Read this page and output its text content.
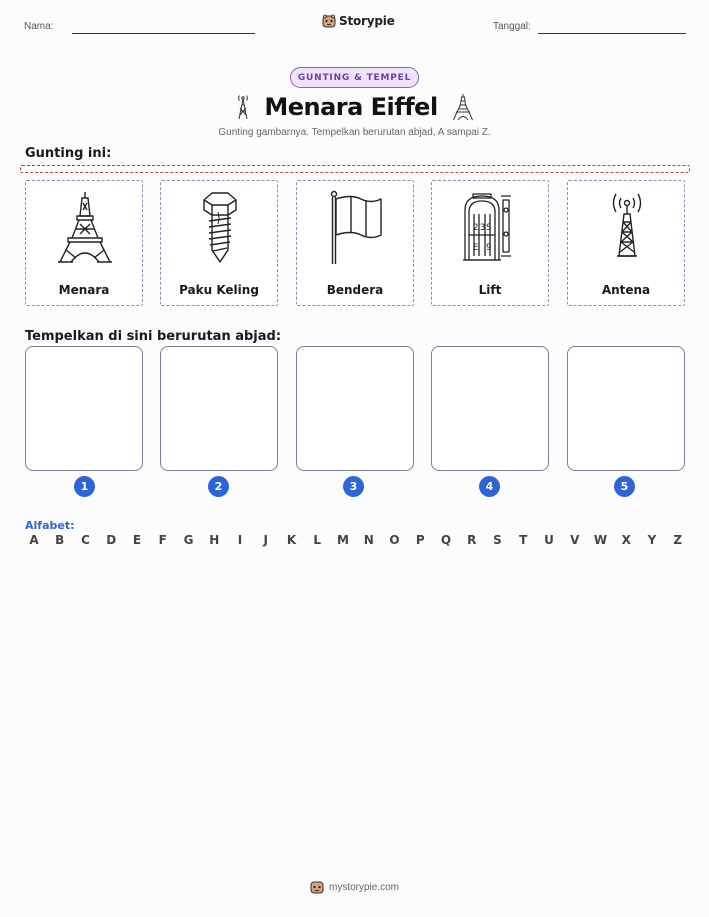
Nama:	Storypie	Tanggal:
GUNTING & TEMPEL
Menara Eiffel
Gunting gambarnya. Tempelkan berurutan abjad, A sampai Z.
Gunting ini:
Menara	Paku Keling	Bendera
2 3 S
E 9
Lift	Antena
Tempelkan di sini berurutan abjad:
1	2	3	4	5
Alfabet:
A B C D	E	F	G H	I	J	K	L	M N O P	Q R	S	T	U V W X	Y	Z
mystorypie.com
